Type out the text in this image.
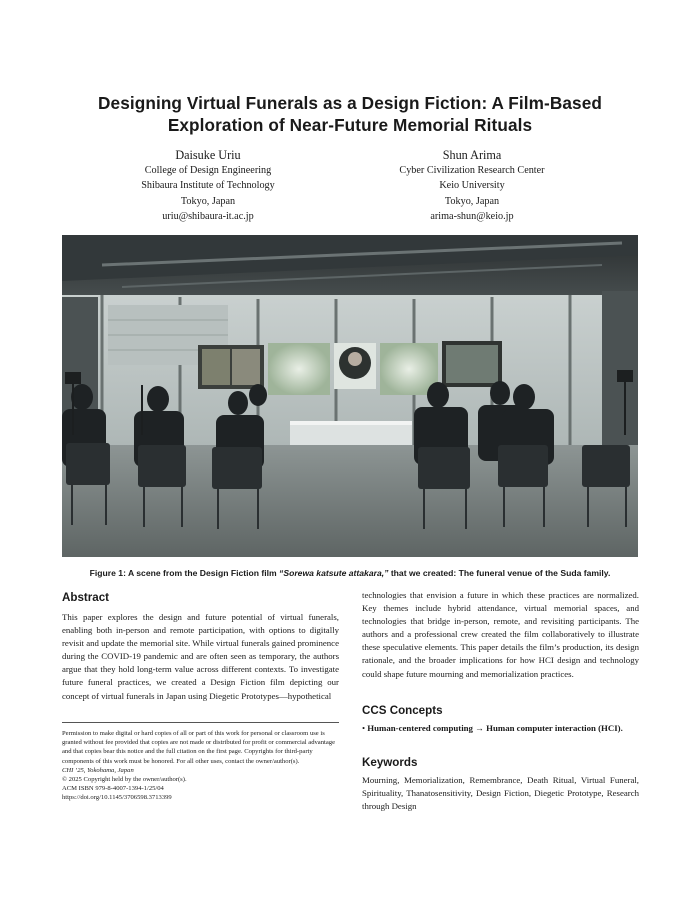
Designing Virtual Funerals as a Design Fiction: A Film-Based
Exploration of Near-Future Memorial Rituals
Daisuke Uriu
College of Design Engineering
Shibaura Institute of Technology
Tokyo, Japan
uriu@shibaura-it.ac.jp
Shun Arima
Cyber Civilization Research Center
Keio University
Tokyo, Japan
arima-shun@keio.jp
Figure 1: A scene from the Design Fiction film “Sorewa katsute attakara,” that we created: The funeral venue of the Suda family.
Abstract

This paper explores the design and future potential of virtual funerals, enabling both in-person and remote participation, with options to digitally revisit and update the memorial site. While virtual funerals gained prominence during the COVID-19 pandemic and are often seen as temporary, the authors argue that they hold long-term value across different contexts. To investigate future funeral practices, we created a Design Fiction film depicting our concept of virtual funerals in Japan using Diegetic Prototypes—hypothetical

Permission to make digital or hard copies of all or part of this work for personal or classroom use is granted without fee provided that copies are not made or distributed for profit or commercial advantage and that copies bear this notice and the full citation on the first page. Copyrights for third-party components of this work must be honored. For all other uses, contact the owner/author(s).
CHI ’25, Yokohama, Japan
© 2025 Copyright held by the owner/author(s).
ACM ISBN 979-8-4007-1394-1/25/04
https://doi.org/10.1145/3706598.3713399

technologies that envision a future in which these practices are normalized. Key themes include hybrid attendance, virtual memorial spaces, and technologies that bridge in-person, remote, and revisiting participants. The authors and a professional crew created the film collaboratively to illustrate these speculative elements. This paper details the film’s production, its design rationale, and the broader implications for how HCI design and technology could shape future mourning and memorialization practices.

CCS Concepts
• Human-centered computing → Human computer interaction (HCI).
Keywords

Mourning, Memorialization, Remembrance, Death Ritual, Virtual Funeral, Spirituality, Thanatosensitivity, Design Fiction, Diegetic Prototype, Research through Design
